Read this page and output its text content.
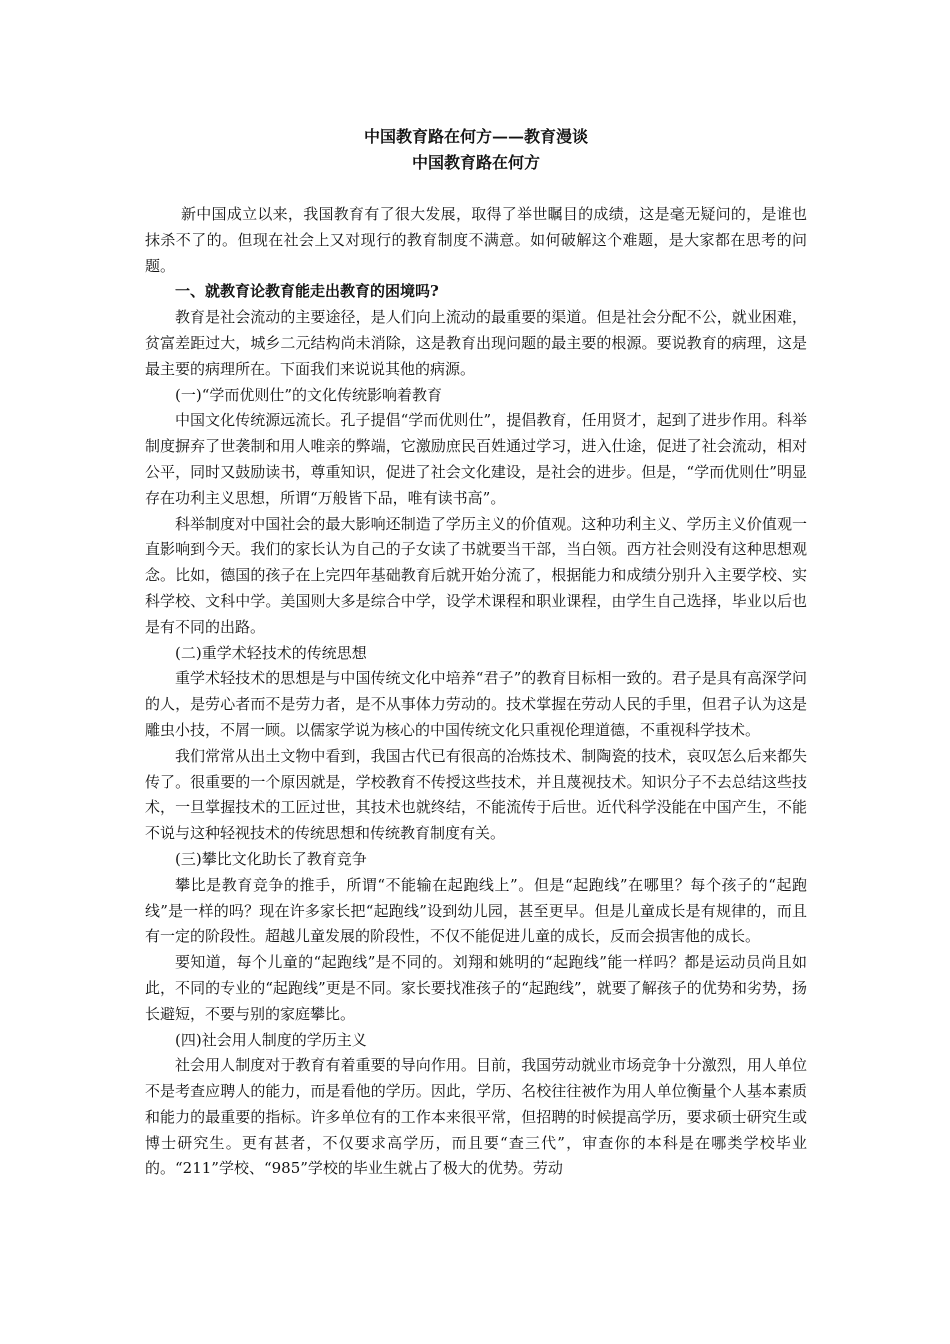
中国教育路在何方——教育漫谈
中国教育路在何方

新中国成立以来，我国教育有了很大发展，取得了举世瞩目的成绩，这是毫无疑问的，是谁也抹杀不了的。但现在社会上又对现行的教育制度不满意。如何破解这个难题，是大家都在思考的问题。

一、就教育论教育能走出教育的困境吗?

教育是社会流动的主要途径，是人们向上流动的最重要的渠道。但是社会分配不公，就业困难，贫富差距过大，城乡二元结构尚未消除，这是教育出现问题的最主要的根源。要说教育的病理，这是最主要的病理所在。下面我们来说说其他的病源。

(一)“学而优则仕”的文化传统影响着教育

中国文化传统源远流长。孔子提倡“学而优则仕”，提倡教育，任用贤才，起到了进步作用。科举制度摒弃了世袭制和用人唯亲的弊端，它激励庶民百姓通过学习，进入仕途，促进了社会流动，相对公平，同时又鼓励读书，尊重知识，促进了社会文化建设，是社会的进步。但是，“学而优则仕”明显存在功利主义思想，所谓“万般皆下品，唯有读书高”。

科举制度对中国社会的最大影响还制造了学历主义的价值观。这种功利主义、学历主义价值观一直影响到今天。我们的家长认为自己的子女读了书就要当干部，当白领。西方社会则没有这种思想观念。比如，德国的孩子在上完四年基础教育后就开始分流了，根据能力和成绩分别升入主要学校、实科学校、文科中学。美国则大多是综合中学，设学术课程和职业课程，由学生自己选择，毕业以后也是有不同的出路。

(二)重学术轻技术的传统思想

重学术轻技术的思想是与中国传统文化中培养“君子”的教育目标相一致的。君子是具有高深学问的人，是劳心者而不是劳力者，是不从事体力劳动的。技术掌握在劳动人民的手里，但君子认为这是雕虫小技，不屑一顾。以儒家学说为核心的中国传统文化只重视伦理道德，不重视科学技术。

我们常常从出土文物中看到，我国古代已有很高的冶炼技术、制陶瓷的技术，哀叹怎么后来都失传了。很重要的一个原因就是，学校教育不传授这些技术，并且蔑视技术。知识分子不去总结这些技术，一旦掌握技术的工匠过世，其技术也就终结，不能流传于后世。近代科学没能在中国产生，不能不说与这种轻视技术的传统思想和传统教育制度有关。

(三)攀比文化助长了教育竞争

攀比是教育竞争的推手，所谓“不能输在起跑线上”。但是“起跑线”在哪里？每个孩子的“起跑线”是一样的吗？现在许多家长把“起跑线”设到幼儿园，甚至更早。但是儿童成长是有规律的，而且有一定的阶段性。超越儿童发展的阶段性，不仅不能促进儿童的成长，反而会损害他的成长。

要知道，每个儿童的“起跑线”是不同的。刘翔和姚明的“起跑线”能一样吗？都是运动员尚且如此，不同的专业的“起跑线”更是不同。家长要找准孩子的“起跑线”，就要了解孩子的优势和劣势，扬长避短，不要与别的家庭攀比。

(四)社会用人制度的学历主义

社会用人制度对于教育有着重要的导向作用。目前，我国劳动就业市场竞争十分激烈，用人单位不是考查应聘人的能力，而是看他的学历。因此，学历、名校往往被作为用人单位衡量个人基本素质和能力的最重要的指标。许多单位有的工作本来很平常，但招聘的时候提高学历，要求硕士研究生或博士研究生。更有甚者，不仅要求高学历，而且要“查三代”，审查你的本科是在哪类学校毕业的。“211”学校、“985”学校的毕业生就占了极大的优势。劳动
